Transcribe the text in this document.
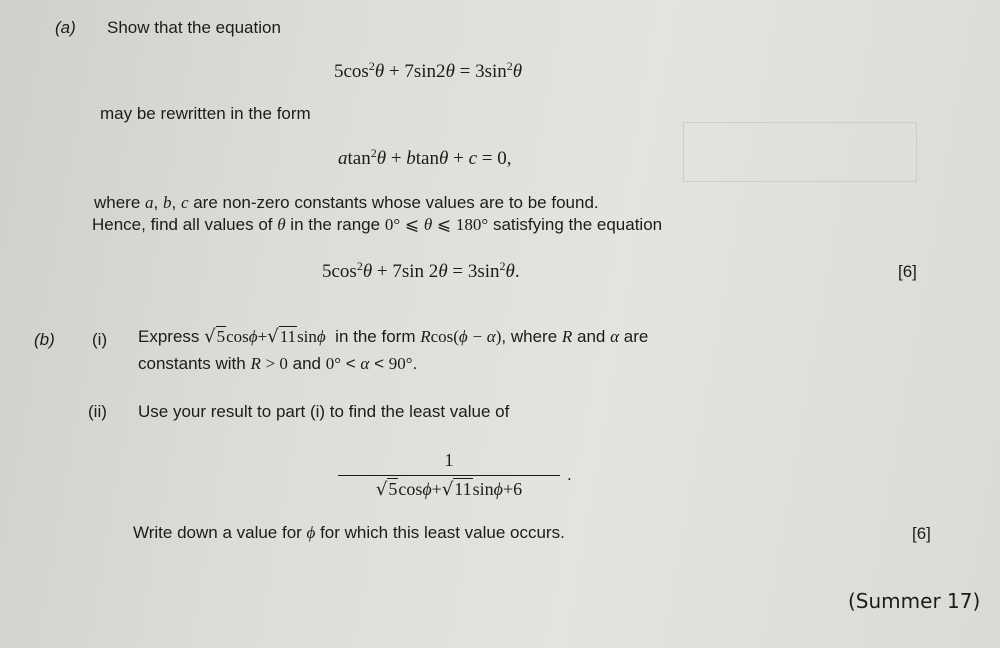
(a) Show that the equation
$5\cos^2\theta + 7\sin 2\theta = 3\sin^2\theta$
may be rewritten in the form
atan$^2$θ + btanθ + c = 0,
where a, b, c are non-zero constants whose values are to be found.
Hence, find all values of θ in the range 0° ⩽ θ ⩽ 180° satisfying the equation
$5\cos^2\theta + 7\sin$ $2\theta = 3\sin^2\theta$.	[6]
(b) (i) Express √5cosϕ+√11sinϕ  in the form Rcos(ϕ − α), where R and α are
constants with R > 0 and 0° < α < 90°.
(ii) Use your result to part (i) to find the least value of
1
√5cosϕ+√11sinϕ+6
.
Write down a value for ϕ for which this least value occurs.	[6]
(Summer 17)
